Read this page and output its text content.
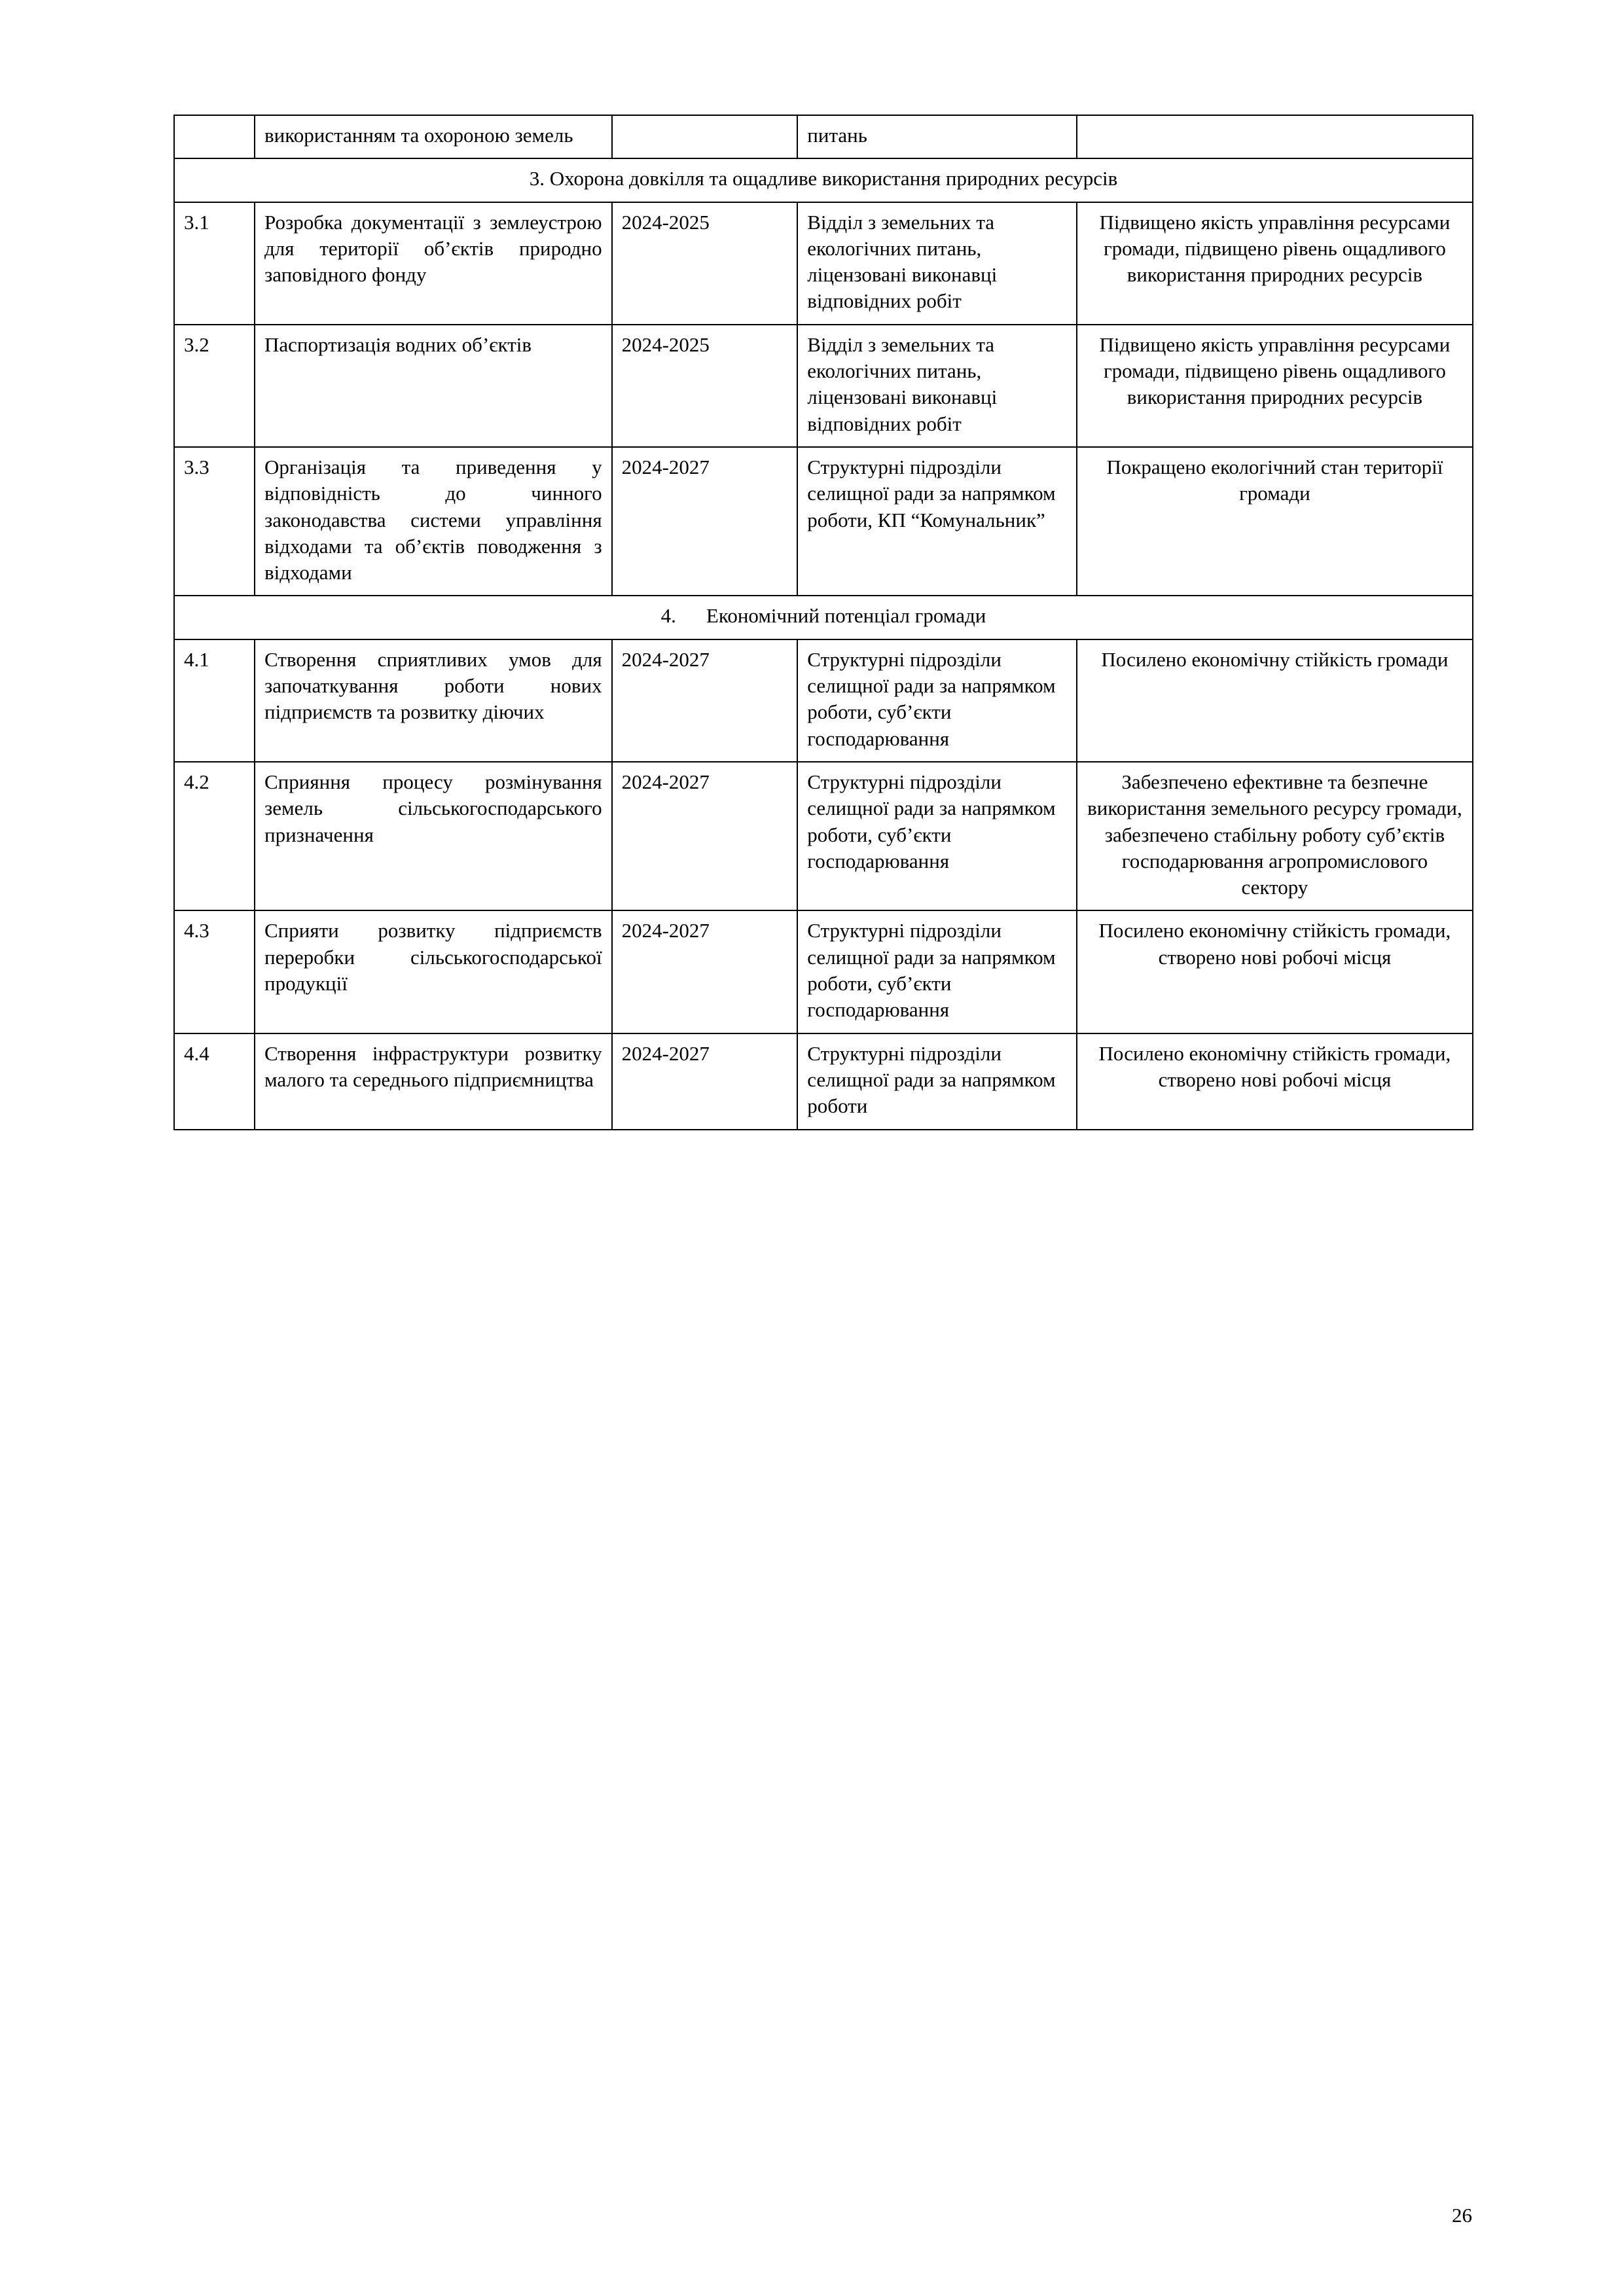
	використанням та охороною земель		питань	
3. Охорона довкілля та ощадливе використання природних ресурсів				
3.1	Розробка документації з землеустрою для території об’єктів природно заповідного фонду	2024-2025	Відділ з земельних та екологічних питань, ліцензовані виконавці відповідних робіт	Підвищено якість управління ресурсами громади, підвищено рівень ощадливого використання природних ресурсів
3.2	Паспортизація водних об’єктів	2024-2025	Відділ з земельних та екологічних питань, ліцензовані виконавці відповідних робіт	Підвищено якість управління ресурсами громади, підвищено рівень ощадливого використання природних ресурсів
3.3	Організація та приведення у відповідність до чинного законодавства системи управління відходами та об’єктів поводження з відходами	2024-2027	Структурні підрозділи селищної ради за напрямком роботи, КП “Комунальник”	Покращено екологічний стан території громади
4. Економічний потенціал громади				
4.1	Створення сприятливих умов для започаткування роботи нових підприємств та розвитку діючих	2024-2027	Структурні підрозділи селищної ради за напрямком роботи, суб’єкти господарювання	Посилено економічну стійкість громади
4.2	Сприяння процесу розмінування земель сільськогосподарського призначення	2024-2027	Структурні підрозділи селищної ради за напрямком роботи, суб’єкти господарювання	Забезпечено ефективне та безпечне використання земельного ресурсу громади, забезпечено стабільну роботу суб’єктів господарювання агропромислового сектору
4.3	Сприяти розвитку підприємств переробки сільськогосподарської продукції	2024-2027	Структурні підрозділи селищної ради за напрямком роботи, суб’єкти господарювання	Посилено економічну стійкість громади, створено нові робочі місця
4.4	Створення інфраструктури розвитку малого та середнього підприємництва	2024-2027	Структурні підрозділи селищної ради за напрямком роботи	Посилено економічну стійкість громади, створено нові робочі місця
26
